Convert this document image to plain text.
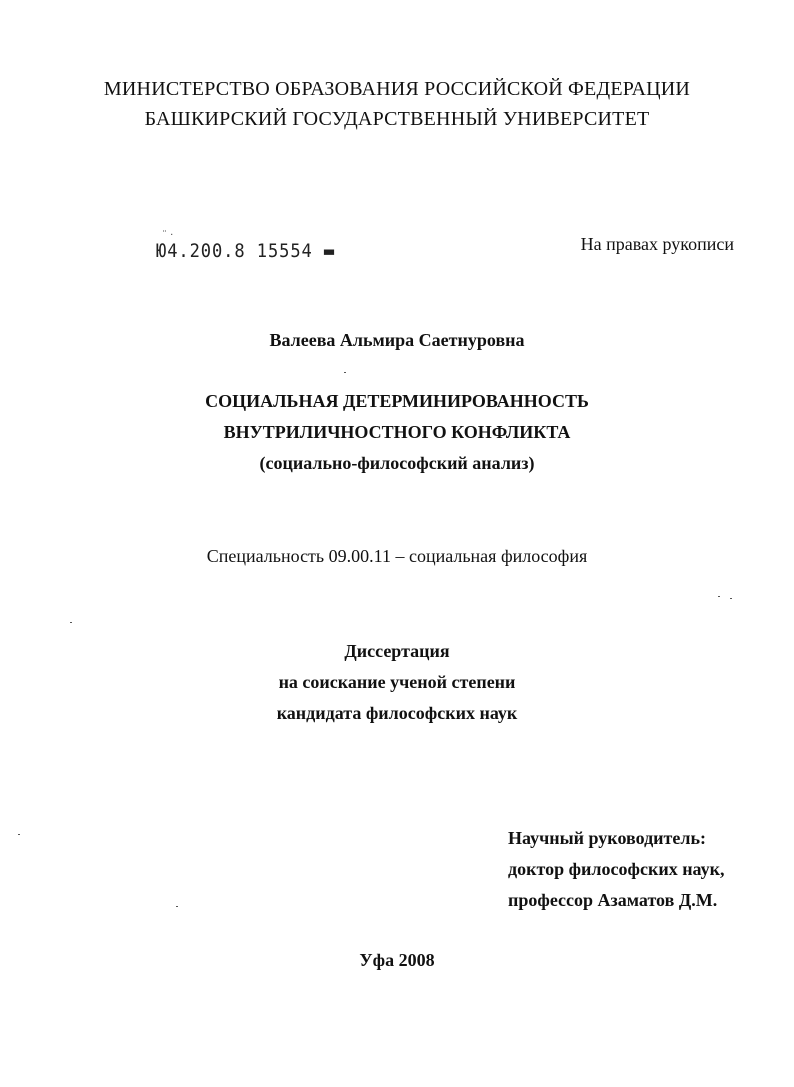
МИНИСТЕРСТВО ОБРАЗОВАНИЯ РОССИЙСКОЙ ФЕДЕРАЦИИ
БАШКИРСКИЙ ГОСУДАРСТВЕННЫЙ УНИВЕРСИТЕТ
¨ ·
Ю4.200.8 15554 ▬	На правах рукописи
Валеева Альмира Саетнуровна
СОЦИАЛЬНАЯ ДЕТЕРМИНИРОВАННОСТЬ
ВНУТРИЛИЧНОСТНОГО КОНФЛИКТА
(социально-философский анализ)
Специальность 09.00.11 – социальная философия
Диссертация
на соискание ученой степени
кандидата философских наук
Научный руководитель:
доктор философских наук,
профессор Азаматов Д.М.
Уфа 2008
